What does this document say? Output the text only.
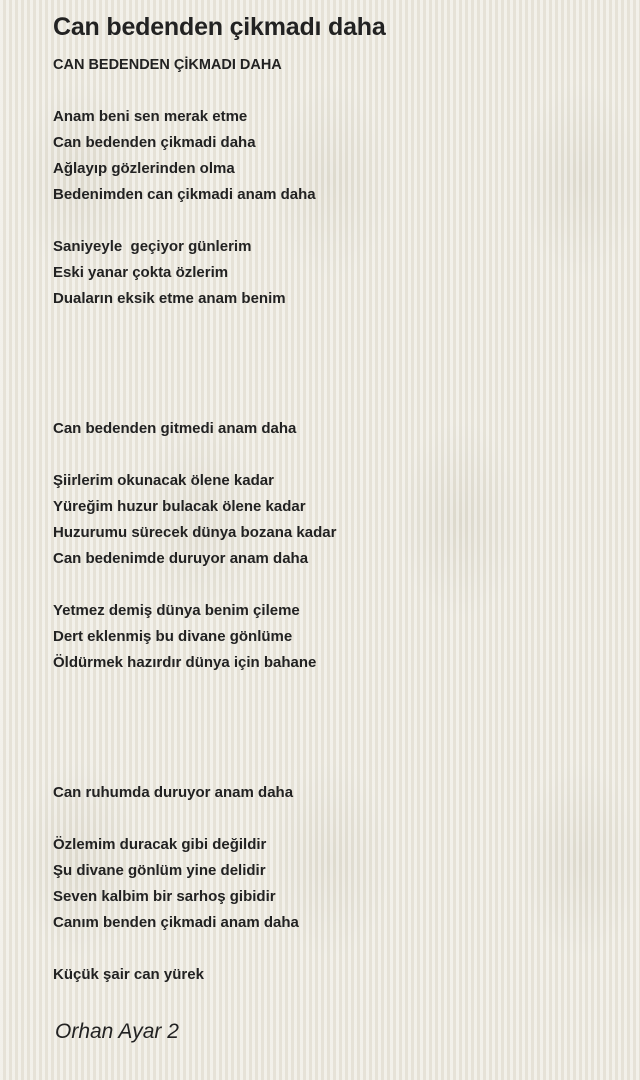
Can bedenden çikmadı daha
CAN BEDENDEN ÇİKMADI DAHA
Anam beni sen merak etme
Can bedenden çikmadi daha
Ağlayıp gözlerinden olma
Bedenimden can çikmadi anam daha
Saniyeyle  geçiyor günlerim
Eski yanar çokta özlerim
Duaların eksik etme anam benim
Can bedenden gitmedi anam daha
Şiirlerim okunacak ölene kadar
Yüreğim huzur bulacak ölene kadar
Huzurumu sürecek dünya bozana kadar
Can bedenimde duruyor anam daha
Yetmez demiş dünya benim çileme
Dert eklenmiş bu divane gönlüme
Öldürmek hazırdır dünya için bahane
Can ruhumda duruyor anam daha
Özlemim duracak gibi değildir
Şu divane gönlüm yine delidir
Seven kalbim bir sarhoş gibidir
Canım benden çikmadi anam daha
Küçük şair can yürek
Orhan Ayar 2
